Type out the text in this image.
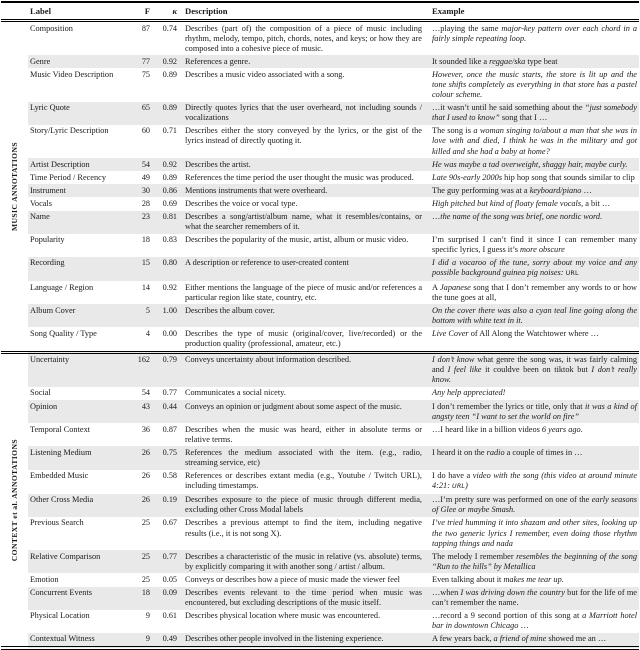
	Label	F	κ	Description	Example

MUSIC ANNOTATIONS	Composition	87	0.74	Describes (part of) the composition of a piece of music including rhythm, melody, tempo, pitch, chords, notes, and keys; or how they are composed into a cohesive piece of music.	…playing the same major-key pattern over each chord in a fairly simple repeating loop.
	Genre	77	0.92	References a genre.	It sounded like a reggae/ska type beat
	Music Video Description	75	0.89	Describes a music video associated with a song.	However, once the music starts, the store is lit up and the tone shifts completely as everything in that store has a pastel colour scheme.
	Lyric Quote	65	0.89	Directly quotes lyrics that the user overheard, not including sounds / vocalizations	…it wasn’t until he said something about the “just somebody that I used to know” song that I …
	Story/Lyric Description	60	0.71	Describes either the story conveyed by the lyrics, or the gist of the lyrics instead of directly quoting it.	The song is a woman singing to/about a man that she was in love with and died, I think he was in the military and got killed and she had a baby at home?
	Artist Description	54	0.92	Describes the artist.	He was maybe a tad overweight, shaggy hair, maybe curly.
	Time Period / Recency	49	0.89	References the time period the user thought the music was produced.	Late 90s-early 2000s hip hop song that sounds similar to clip
	Instrument	30	0.86	Mentions instruments that were overheard.	The guy performing was at a keyboard/piano …
	Vocals	28	0.69	Describes the voice or vocal type.	High pitched but kind of floaty female vocals, a bit …
	Name	23	0.81	Describes a song/artist/album name, what it resembles/contains, or what the searcher remembers of it.	…the name of the song was brief, one nordic word.
	Popularity	18	0.83	Describes the popularity of the music, artist, album or music video.	I’m surprised I can’t find it since I can remember many specific lyrics, I guess it’s more obscure
	Recording	15	0.80	A description or reference to user-created content	I did a vocaroo of the tune, sorry about my voice and any possible background guinea pig noises: URL
	Language / Region	14	0.92	Either mentions the language of the piece of music and/or references a particular region like state, country, etc.	A Japanese song that I don’t remember any words to or how the tune goes at all,
	Album Cover	5	1.00	Describes the album cover.	On the cover there was also a cyan teal line going along the bottom with white text in it.
	Song Quality / Type	4	0.00	Describes the type of music (original/cover, live/recorded) or the production quality (professional, amateur, etc.)	Live Cover of All Along the Watchtower where …

CONTEXT et al. ANNOTATIONS	Uncertainty	162	0.79	Conveys uncertainty about information described.	I don’t know what genre the song was, it was fairly calming and I feel like it couldve been on tiktok but I don’t really know.
	Social	54	0.77	Communicates a social nicety.	Any help appreciated!
	Opinion	43	0.44	Conveys an opinion or judgment about some aspect of the music.	I don’t remember the lyrics or title, only that it was a kind of angsty teen “I want to set the world on fire”
	Temporal Context	36	0.87	Describes when the music was heard, either in absolute terms or relative terms.	…I heard like in a billion videos 6 years ago.
	Listening Medium	26	0.75	References the medium associated with the item. (e.g., radio, streaming service, etc)	I heard it on the radio a couple of times in …
	Embedded Music	26	0.58	References or describes extant media (e.g., Youtube / Twitch URL), including timestamps.	I do have a video with the song (this video at around minute 4:21: URL)
	Other Cross Media	26	0.19	Describes exposure to the piece of music through different media, excluding other Cross Modal labels	…I’m pretty sure was performed on one of the early seasons of Glee or maybe Smash.
	Previous Search	25	0.67	Describes a previous attempt to find the item, including negative results (i.e., it is not song X).	I’ve tried humming it into shazam and other sites, looking up the two generic lyrics I remember, even doing those rhythm tapping things and nada
	Relative Comparison	25	0.77	Describes a characteristic of the music in relative (vs. absolute) terms, by explicitly comparing it with another song / artist / album.	The melody I remember resembles the beginning of the song “Run to the hills” by Metallica
	Emotion	25	0.05	Conveys or describes how a piece of music made the viewer feel	Even talking about it makes me tear up.
	Concurrent Events	18	0.09	Describes events relevant to the time period when music was encountered, but excluding descriptions of the music itself.	…when I was driving down the country but for the life of me can’t remember the name.
	Physical Location	9	0.61	Describes physical location where music was encountered.	…record a 9 second portion of this song at a Marriott hotel bar in downtown Chicago …
	Contextual Witness	9	0.49	Describes other people involved in the listening experience.	A few years back, a friend of mine showed me an …
